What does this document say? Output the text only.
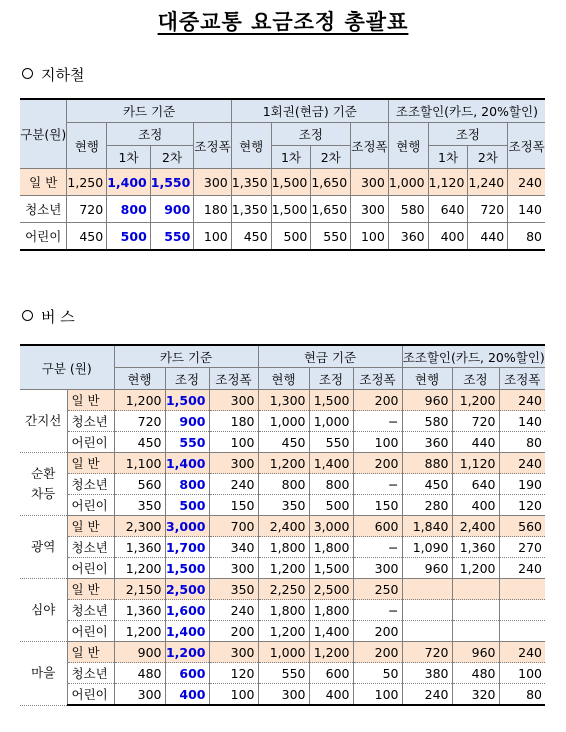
대중교통 요금조정 총괄표
지하철
구분(원)	카드 기준				1회권(현금) 기준				조조할인(카드, 20%할인)			
	현행	조정		조정폭	현행	조정		조정폭	현행	조정		조정폭
		1차	2차			1차	2차			1차	2차	
일 반	1,250	1,400	1,550	300	1,350	1,500	1,650	300	1,000	1,120	1,240	240
청소년	720	800	900	180	1,350	1,500	1,650	300	580	640	720	140
어린이	450	500	550	100	450	500	550	100	360	400	440	80
버 스
구분 (원)		카드 기준			현금 기준			조조할인(카드, 20%할인)		
		현행	조정	조정폭	현행	조정	조정폭	현행	조정	조정폭
간지선	일 반	1,200	1,500	300	1,300	1,500	200	960	1,200	240
	청소년	720	900	180	1,000	1,000	−	580	720	140
	어린이	450	550	100	450	550	100	360	440	80
순환
차등	일 반	1,100	1,400	300	1,200	1,400	200	880	1,120	240
	청소년	560	800	240	800	800	−	450	640	190
	어린이	350	500	150	350	500	150	280	400	120
광역	일 반	2,300	3,000	700	2,400	3,000	600	1,840	2,400	560
	청소년	1,360	1,700	340	1,800	1,800	−	1,090	1,360	270
	어린이	1,200	1,500	300	1,200	1,500	300	960	1,200	240
심야	일 반	2,150	2,500	350	2,250	2,500	250			
	청소년	1,360	1,600	240	1,800	1,800	−			
	어린이	1,200	1,400	200	1,200	1,400	200			
마을	일 반	900	1,200	300	1,000	1,200	200	720	960	240
	청소년	480	600	120	550	600	50	380	480	100
	어린이	300	400	100	300	400	100	240	320	80
